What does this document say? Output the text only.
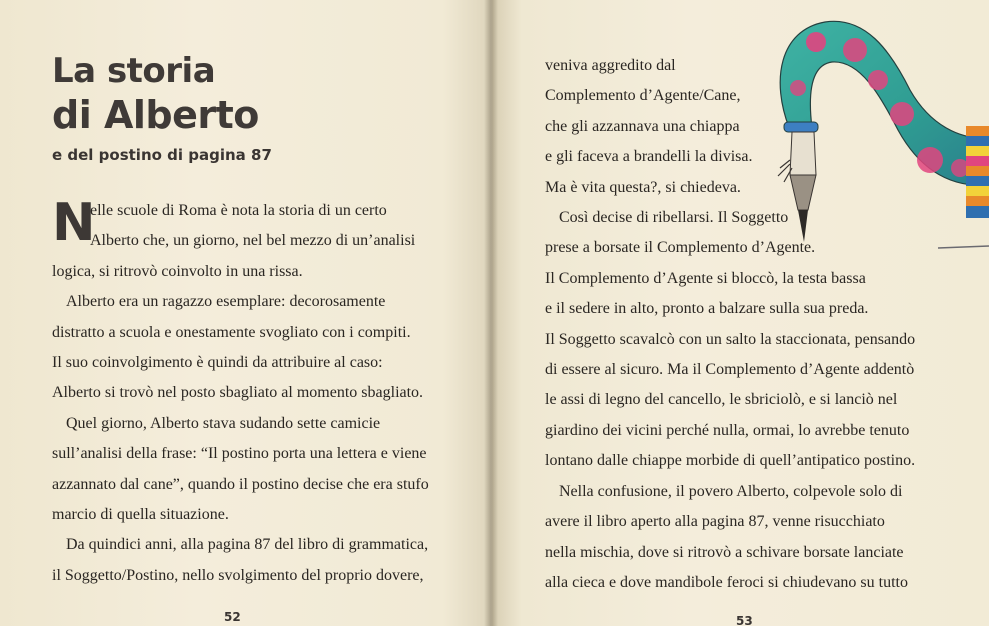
La storia
di Alberto

e del postino di pagina 87

N
elle scuole di Roma è nota la storia di un certo

Alberto che, un giorno, nel bel mezzo di un’analisi

logica, si ritrovò coinvolto in una rissa.

Alberto era un ragazzo esemplare: decorosamente

distratto a scuola e onestamente svogliato con i compiti.

Il suo coinvolgimento è quindi da attribuire al caso:

Alberto si trovò nel posto sbagliato al momento sbagliato.

Quel giorno, Alberto stava sudando sette camicie

sull’analisi della frase: “Il postino porta una lettera e viene

azzannato dal cane”, quando il postino decise che era stufo

marcio di quella situazione.

Da quindici anni, alla pagina 87 del libro di grammatica,

il Soggetto/Postino, nello svolgimento del proprio dovere,

52	53

veniva aggredito dal

Complemento d’Agente/Cane,

che gli azzannava una chiappa

e gli faceva a brandelli la divisa.

Ma è vita questa?, si chiedeva.

Così decise di ribellarsi. Il Soggetto

prese a borsate il Complemento d’Agente.

Il Complemento d’Agente si bloccò, la testa bassa

e il sedere in alto, pronto a balzare sulla sua preda.

Il Soggetto scavalcò con un salto la staccionata, pensando

di essere al sicuro. Ma il Complemento d’Agente addentò

le assi di legno del cancello, le sbriciolò, e si lanciò nel

giardino dei vicini perché nulla, ormai, lo avrebbe tenuto

lontano dalle chiappe morbide di quell’antipatico postino.

Nella confusione, il povero Alberto, colpevole solo di

avere il libro aperto alla pagina 87, venne risucchiato

nella mischia, dove si ritrovò a schivare borsate lanciate

alla cieca e dove mandibole feroci si chiudevano su tutto
